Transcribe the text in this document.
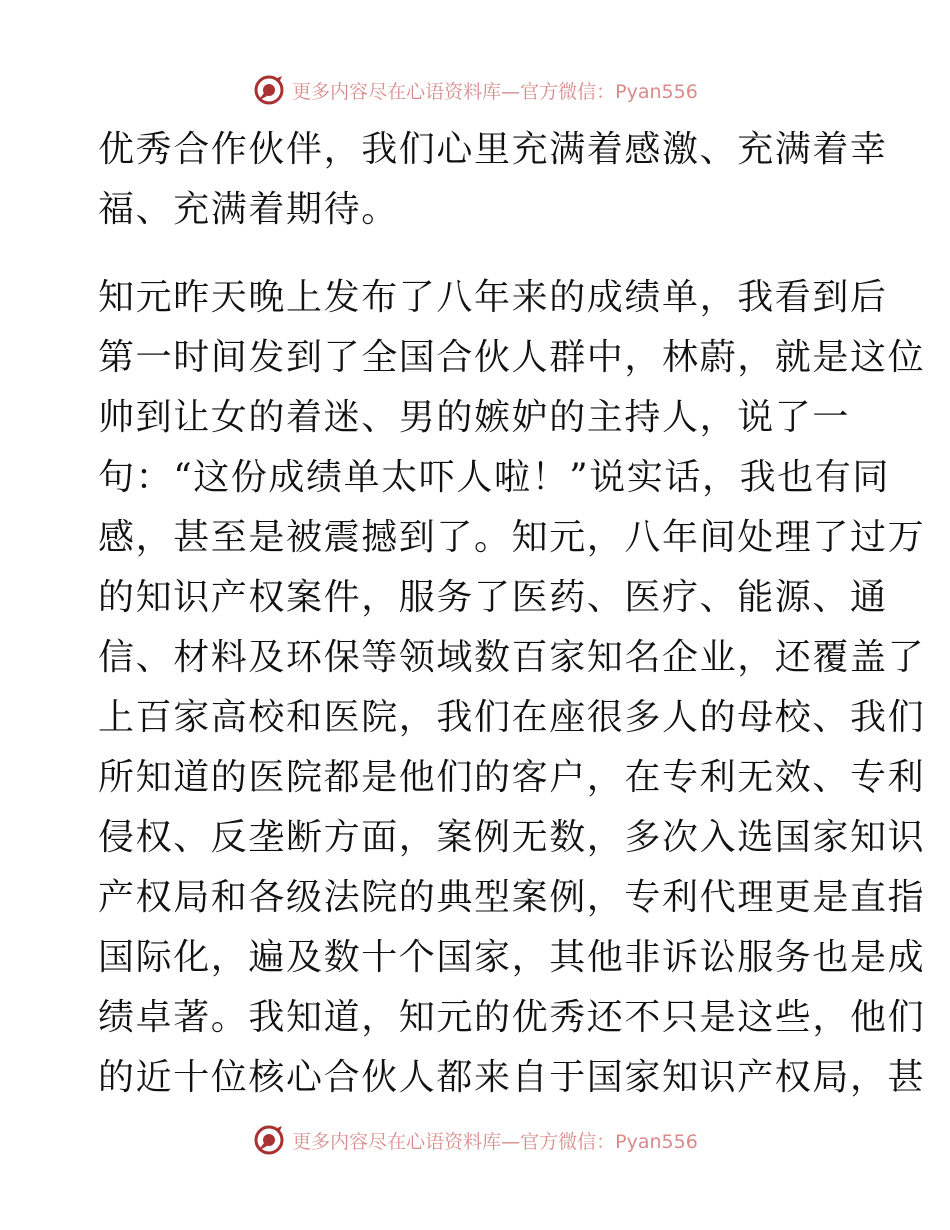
更多内容尽在心语资料库—官方微信：Pyan556
优秀合作伙伴，我们心里充满着感激、充满着幸
福、充满着期待。
知元昨天晚上发布了八年来的成绩单，我看到后
第一时间发到了全国合伙人群中，林蔚，就是这位
帅到让女的着迷、男的嫉妒的主持人，说了一
句：“这份成绩单太吓人啦！”说实话，我也有同
感，甚至是被震撼到了。知元，八年间处理了过万
的知识产权案件，服务了医药、医疗、能源、通
信、材料及环保等领域数百家知名企业，还覆盖了
上百家高校和医院，我们在座很多人的母校、我们
所知道的医院都是他们的客户，在专利无效、专利
侵权、反垄断方面，案例无数，多次入选国家知识
产权局和各级法院的典型案例，专利代理更是直指
国际化，遍及数十个国家，其他非诉讼服务也是成
绩卓著。我知道，知元的优秀还不只是这些，他们
的近十位核心合伙人都来自于国家知识产权局，甚
更多内容尽在心语资料库—官方微信：Pyan556
